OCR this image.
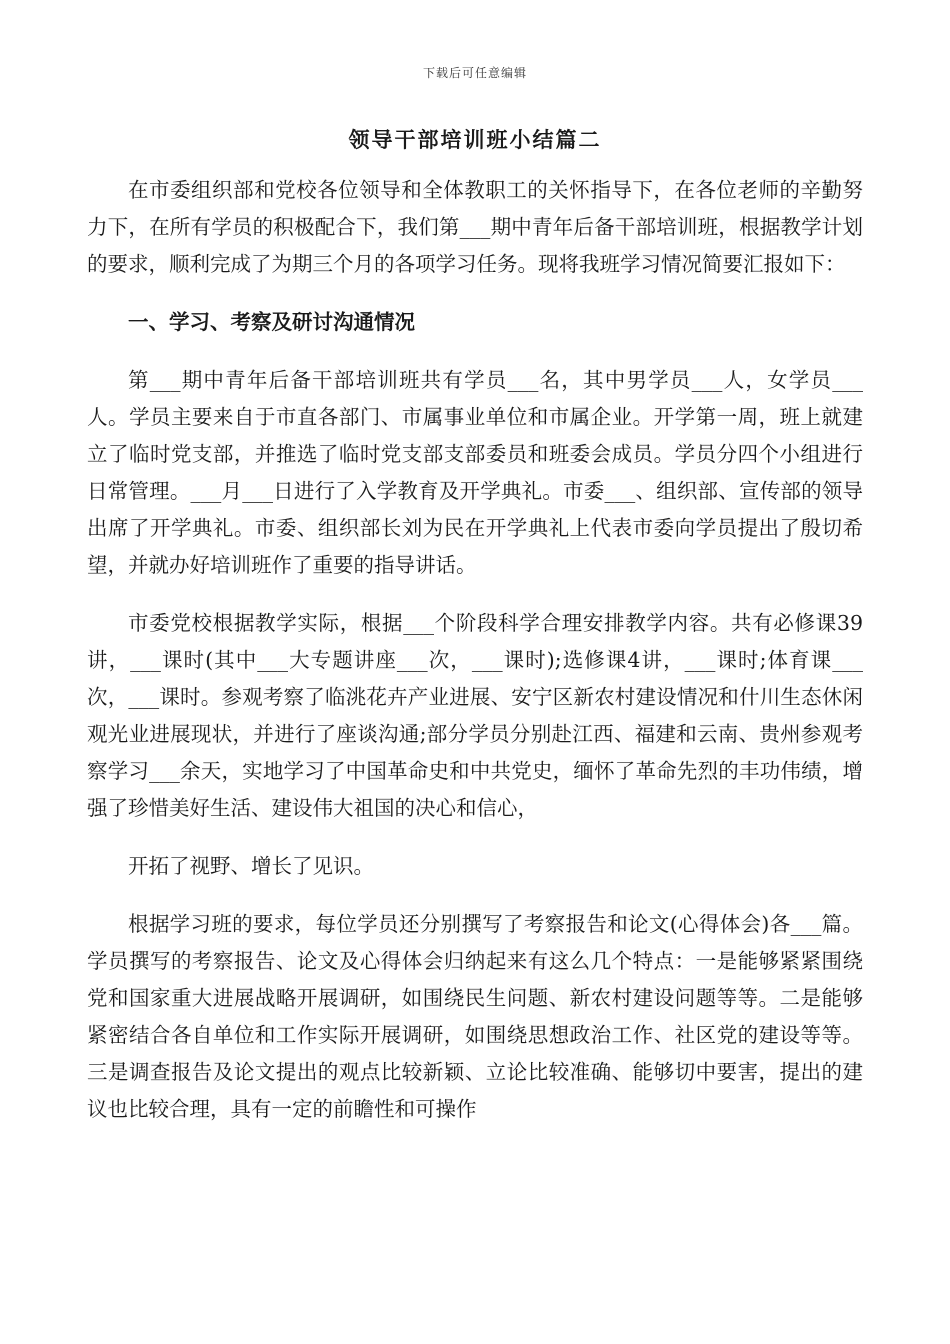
下载后可任意编辑
领导干部培训班小结篇二

在市委组织部和党校各位领导和全体教职工的关怀指导下，在各位老师的辛勤努力下，在所有学员的积极配合下，我们第___期中青年后备干部培训班，根据教学计划的要求，顺利完成了为期三个月的各项学习任务。现将我班学习情况简要汇报如下：

一、学习、考察及研讨沟通情况

第___期中青年后备干部培训班共有学员___名，其中男学员___人，女学员___人。学员主要来自于市直各部门、市属事业单位和市属企业。开学第一周，班上就建立了临时党支部，并推选了临时党支部支部委员和班委会成员。学员分四个小组进行日常管理。___月___日进行了入学教育及开学典礼。市委___、组织部、宣传部的领导出席了开学典礼。市委、组织部长刘为民在开学典礼上代表市委向学员提出了殷切希望，并就办好培训班作了重要的指导讲话。

市委党校根据教学实际，根据___个阶段科学合理安排教学内容。共有必修课39讲，___课时(其中___大专题讲座___次，___课时);选修课4讲，___课时;体育课___次，___课时。参观考察了临洮花卉产业进展、安宁区新农村建设情况和什川生态休闲观光业进展现状，并进行了座谈沟通;部分学员分别赴江西、福建和云南、贵州参观考察学习___余天，实地学习了中国革命史和中共党史，缅怀了革命先烈的丰功伟绩，增强了珍惜美好生活、建设伟大祖国的决心和信心，

开拓了视野、增长了见识。

根据学习班的要求，每位学员还分别撰写了考察报告和论文(心得体会)各___篇。学员撰写的考察报告、论文及心得体会归纳起来有这么几个特点：一是能够紧紧围绕党和国家重大进展战略开展调研，如围绕民生问题、新农村建设问题等等。二是能够紧密结合各自单位和工作实际开展调研，如围绕思想政治工作、社区党的建设等等。三是调查报告及论文提出的观点比较新颖、立论比较准确、能够切中要害，提出的建议也比较合理，具有一定的前瞻性和可操作
